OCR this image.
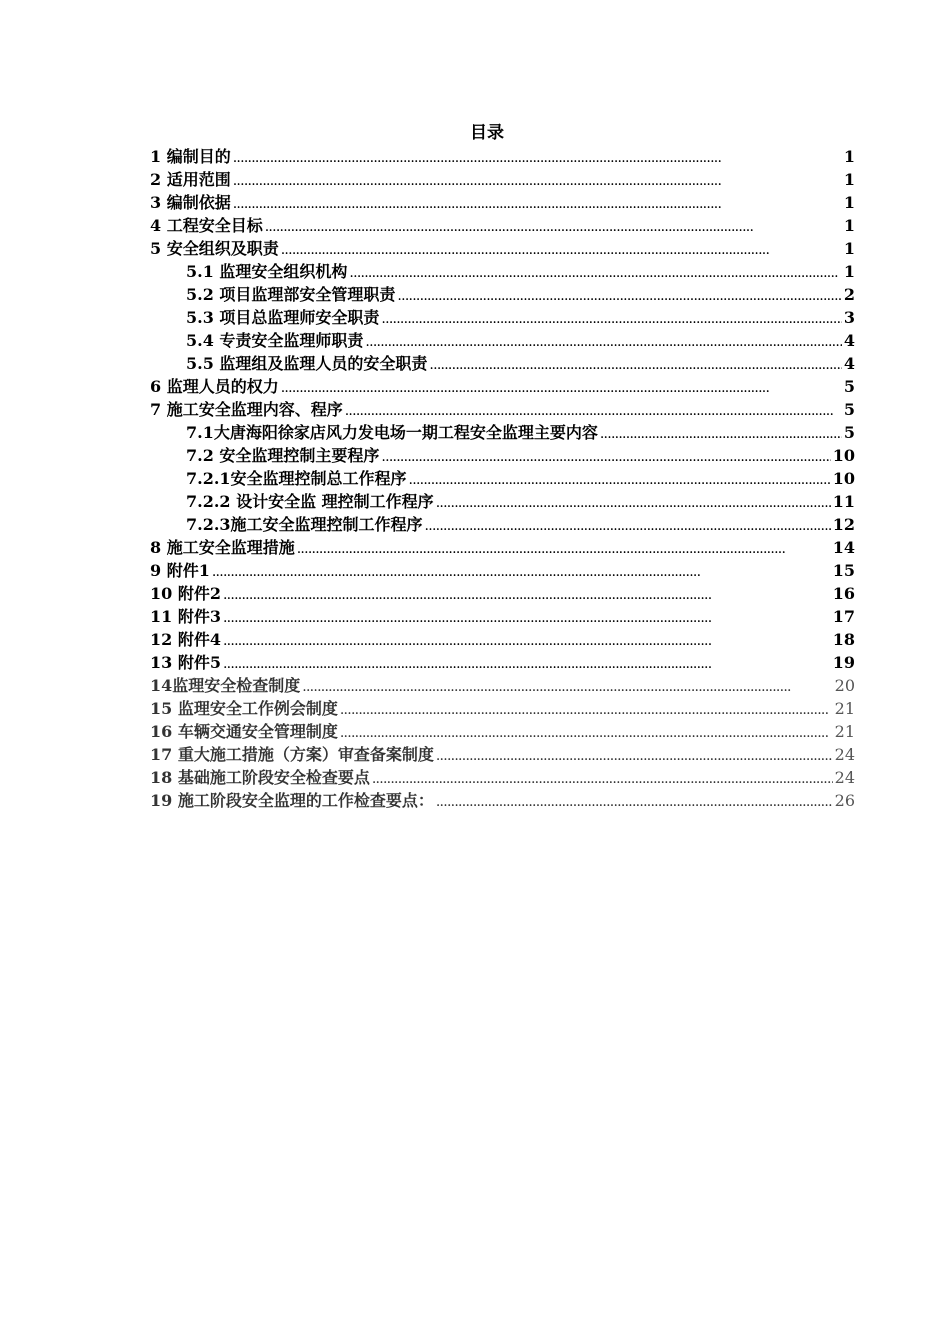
目录
1 编制目的 . . .	1
2 适用范围 . . .	1
3 编制依据 . . .	1
4 工程安全目标 . . .	1
5 安全组织及职责 . . .	1
5.1 监理安全组织机构 . . .	1
5.2 项目监理部安全管理职责 . . .	2
5.3 项目总监理师安全职责 . . .	3
5.4 专责安全监理师职责 . . .	4
5.5 监理组及监理人员的安全职责 . . .	4
6 监理人员的权力 . . .	5
7 施工安全监理内容、程序 . . .	5
7.1大唐海阳徐家店风力发电场一期工程安全监理主要内容 . . .	5
7.2 安全监理控制主要程序 . . .	10
7.2.1安全监理控制总工作程序 . . .	10
7.2.2 设计安全监 理控制工作程序 . . .	11
7.2.3施工安全监理控制工作程序 . . .	12
8 施工安全监理措施 . . .	14
9 附件1 . . .	15
10 附件2 . . .	16
11 附件3 . . .	17
12 附件4 . . .	18
13 附件5 . . .	19
14监理安全检查制度 . . .	20
15 监理安全工作例会制度 . . .	21
16 车辆交通安全管理制度 . . .	21
17 重大施工措施（方案）审查备案制度 . . .	24
18 基础施工阶段安全检查要点 . . .	24
19 施工阶段安全监理的工作检查要点： . . .	26
